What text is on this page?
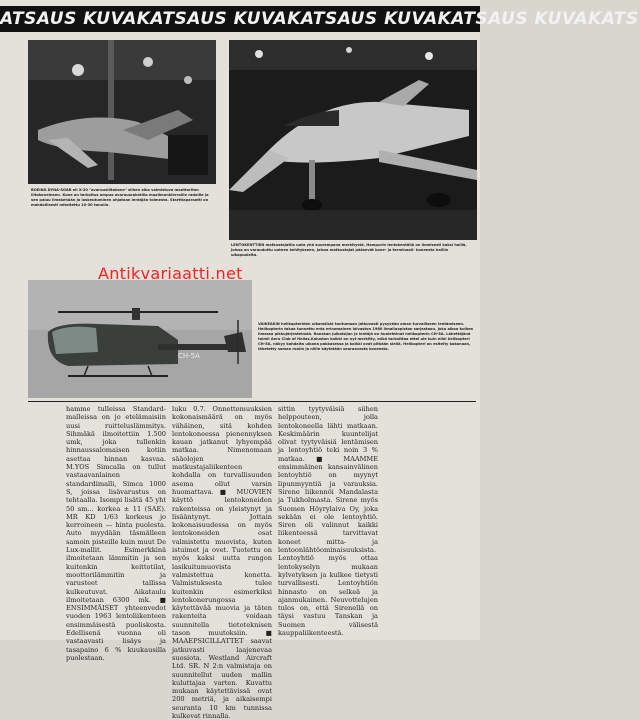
ATSAUS KUVAKATSAUS KUVAKATSAUS KUVAKATSAUS KUVAKATS
BOEING DYNA-SOAR eli X-20 "avaruusliitokone" siihen aika valmistuva moottoriton liitokoneineen. Kone on tarkoitus ampua avaruusraketilla maailmankierroille radoille ja sen paluu ilmakehään ja laskeutuminen ohjataan lentäjän toimesta. Starttiaparaatti on mahdollisesti mitoitettu 10-30 tonniin.
LENTOKENTTIEN matkustajatila uuta yhä suurempana merkitystä. Hampurin lentokentällä on ilmeisesti kaksi halliä, joissa on varauduttu uuteen kehitykseen, joissa matkustajat pääsevät kone- ja terminaali- koneesta halliin ulkopuolelta.
CH-5A
VAIKEAKIN helikopteriden ulkomäisiä tuntumaan jatkuvasti pysyvään oman turvalliseen lentämiseen. Helikopterin takaa tunnettu eräs erinomainen laivaston 1960 ilmailuopiston sarjastoon, joka aikoo kulkea ilmassa pikkujärjestelmää. Ranskan julkaisijan ja lentäjä on huolehtinut helikopterin CH-5A. Lähettäjänä toimii Aero Club of Hellas.Kaluston kaikki on nyt merkitty, mikä tarkoittaa ettei ole kuin ellei helikopteri CH-5A, näkyy kohdalta ulkona pakkasessa ja kaikki ovat pitkään siellä. Helikopteri on esitelty kokonaan, lähetetty saman roolin ja niille käytetään seuraavasta koneesta.
Antikvariaatti.net
hamme tulleissa Standard-malleissa on jo etelämaisiin uusi ruitteluslämmitys. Sihmäkä ilmoitettiin 1.500 umk, joka tullenkin hinnaussalomaisen kotiin asettaa hinnan kasvaa. M.YOS Simcalla on tullut vastaavanlainen standardimalli, Simca 1000 S, joissa lisävarustus on tehtaalla. Isompi lisätä 45 yht 50 sm... korkea ± 11 (SAE). MR KD 1/63 korkeus jo kerroineen — hinta puolesta. Auto myydään täsmälleen samoin pisteille kuin muut De Lux-mallit. Esimerkkinä ilmoitetaan lämmitin ja sen kuitenkin keittotilat, moottorilämmitin ja varusteet tallissa kulkeutuvat. Aikataulu ilmoitetaan 6300 mk. ■ ENSIMMÄISET yhteenvedot vuoden 1963 lentoliikenteen ensimmäisestä puoliskosta. Edellisenä vuonna oli vastaavasti lisäys ja tasapaino 6 % kuukausilla puolestaan.
luku 0.7. Onnettomuuksien kokonaismäärä on myös vähäinen, sitä kohden lentokoneessa pienennyksen kauan jatkanut lyhyempää matkaa. Nimenomaan sääolojen matkustajaliikenteen kohdalla on turvallisuuden asema ollut varsin huomattava. ■ MUOVIEN käyttö lentokoneiden rakenteissa on yleistynyt ja lisääntynyt. Jottain kokonaisuudessa on myös lentokoneiden osat valmistettu muovista, kuten istuimet ja ovet. Tuotettu on myös kaksi uutta rungon lasikuitumuovista valmistettua konetta. Valmistuksesta tulee kuitenkin esimerkiksi lentokonerungossa käytettävää muovia ja täten rakenteita voidaan suunnitella tietoteknisen tason muutoksiin. ■ MAAEPSICILLATTET saavat jatkuvasti laajenevaa suosiota. Westland Aircraft Ltd. SR. N 2:n valmistaja on suunnitellut uuden mallin kuluttajaa varten. Kuvattu mukaan käytettävissä ovat 200 metriä, ja aikaisempi seuranta 10 km tunnissa kulkevat rinnalla.
sittin tyytyväisiä siihen helppouteen, jolla lentokoneella lähti matkaan. Keskimäärin kuuntelijat olivat tyytyväisiä lentämisen ja lentoyhtiö teki noin 3 % matkaa. ■ MAAMME ensimmäinen kansainvälinen lentoyhtiö on myynyt lipunmyyntiä ja varauksia. Sirene liikennöi Mandalasta ja Tukholmasta. Sirene myös Suomen Höyrylaiva Oy, joka sekään ei ole lentoyhtiö. Siren oli valinnut kaikki liikenteessä tarvittavat koneet mitta- ja lentoonlähtöominaisuuksista. Lentoyhtiö myös ottaa lentokyselyn mukaan kylvetyksen ja kulkee tietysti turvallisesti. Lentoyhtiön hinnasto on selkeä ja ajanmukainen. Neuvottelujen tulos on, että Sirenellä on täysi vastuu Tanskan ja Suomen välisestä kauppaliikenteestä.
